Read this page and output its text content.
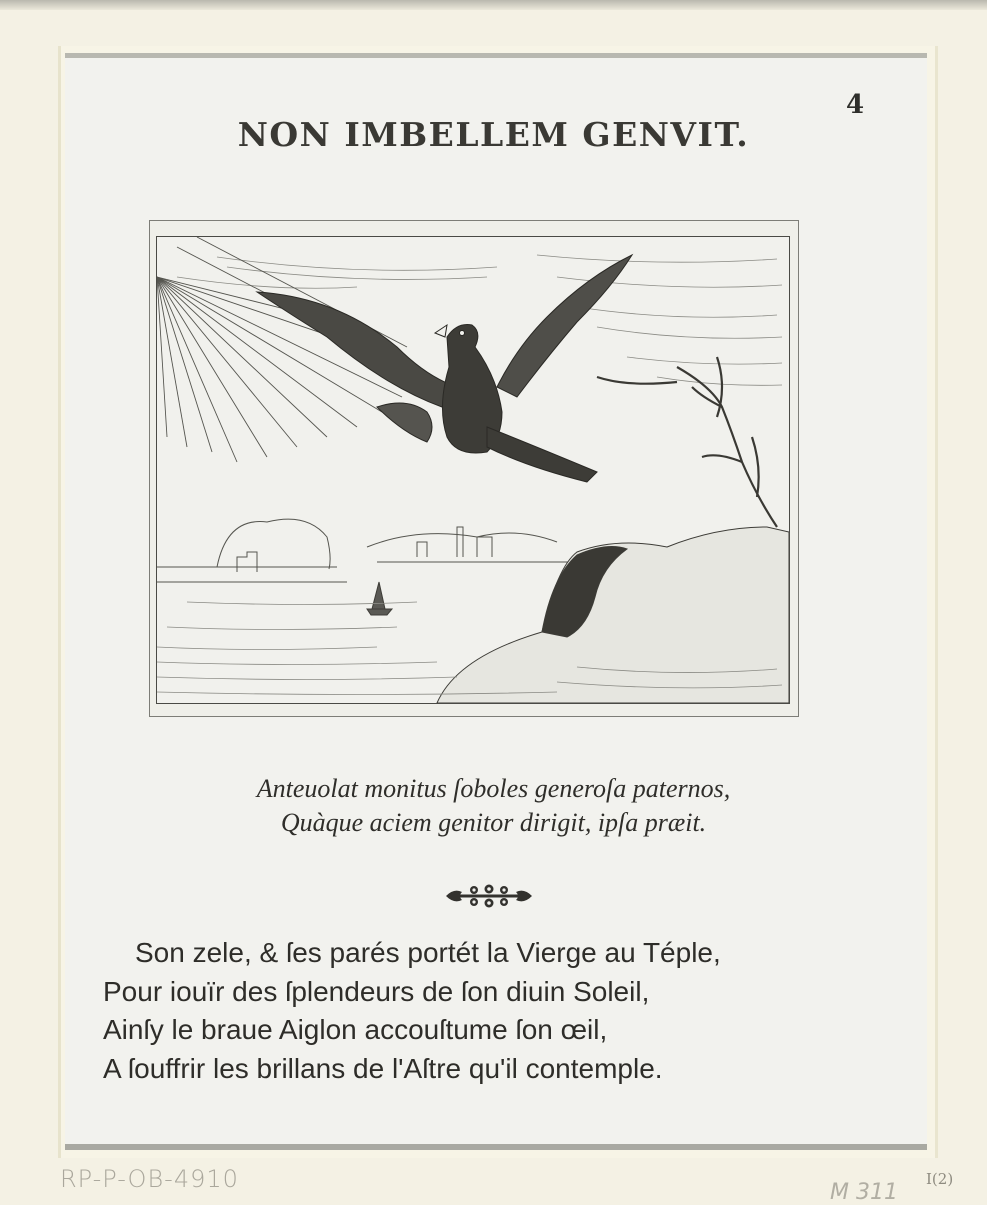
4
NON IMBELLEM GENVIT.
Anteuolat monitus ſoboles generoſa paternos,
Quàque aciem genitor dirigit, ipſa præit.
Son zele, & ſes parés portét la Vierge au Téple,
Pour iouïr des ſplendeurs de ſon diuin Soleil,
Ainſy le braue Aiglon accouſtume ſon œil,
A ſouffrir les brillans de l'Aſtre qu'il contemple.
RP-P-OB-4910	M 311
I(2)
